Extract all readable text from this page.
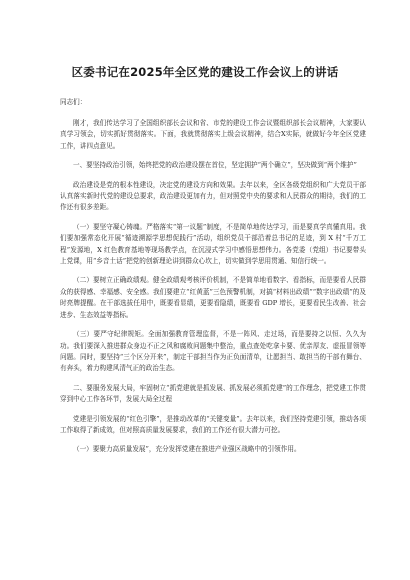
区委书记在2025年全区党的建设工作会议上的讲话
同志们：

刚才，我们传达学习了全国组织部长会议和省、市党的建设工作会议暨组织部长会议精神，大家要认真学习领会，切实抓好贯彻落实。下面，我就贯彻落实上级会议精神，结合X实际，就做好今年全区党建工作，讲四点意见。

一、要坚持政治引领，始终把党的政治建设摆在首位，坚定拥护“两个确立”，坚决做到“两个维护”

政治建设是党的根本性建设，决定党的建设方向和效果。去年以来，全区各级党组织和广大党员干部认真落实新时代党的建设总要求，政治建设更加有力，但对照党中央的要求和人民群众的期待，我们的工作还有很多差距。

（一）要坚守凝心铸魂。严格落实“第一议题”制度，不是简单地传达学习，而是要真学真懂真用。我们要加强常态化开展“循迹溯源学思想促践行”活动，组织党员干部沿着总书记的足迹，到 X 村“千万工程”发源地，X 红色教育基地等现场教学点，在沉浸式学习中感悟思想伟力。各党委（党组）书记要带头上党课，用“乡音土话”把党的创新理论讲到群众心坎上，切实做到学思用贯通、知信行统一。

（二）要树立正确政绩观。健全政绩观考核评价机制，不是简单地看数字、看指标，而是要看人民群众的获得感、幸福感、安全感。我们要建立“红黄蓝”三色预警机制，对搞“材料出政绩”“数字出政绩”的及时亮牌提醒。在干部选拔任用中，既要看显绩，更要看隐绩，既要看 GDP 增长，更要看民生改善、社会进步、生态效益等指标。

（三）要严守纪律规矩。全面加强教育管理监督，不是一阵风、走过场，而是要持之以恒、久久为功。我们要深入推进群众身边不正之风和腐败问题集中整治，重点查处吃拿卡要、优亲厚友、虚报冒领等问题。同时，要坚持“三个区分开来”，制定干部担当作为正负面清单，让愿担当、敢担当的干部有舞台、有奔头，着力构建风清气正的政治生态。

二、要服务发展大局，牢固树立“抓党建就是抓发展、抓发展必须抓党建”的工作理念，把党建工作贯穿到中心工作各环节，发展大局全过程

党建是引领发展的“红色引擎”，是推动改革的“关键变量”。去年以来，我们坚持党建引领，推动各项工作取得了新成效，但对照高质量发展要求，我们的工作还有很大潜力可挖。

（一）要聚力高质量发展”，充分发挥党建在推进产业强区战略中的引领作用。
